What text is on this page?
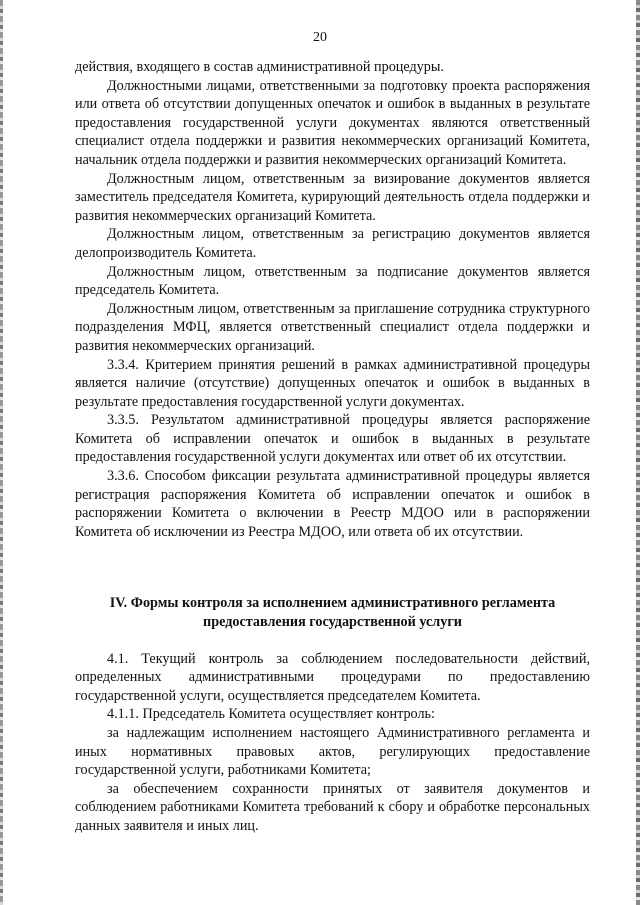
20

действия, входящего в состав административной процедуры.

Должностными лицами, ответственными за подготовку проекта распоряжения или ответа об отсутствии допущенных опечаток и ошибок в выданных в результате предоставления государственной услуги документах являются ответственный специалист отдела поддержки и развития некоммерческих организаций Комитета, начальник отдела поддержки и развития некоммерческих организаций Комитета.

Должностным лицом, ответственным за визирование документов является заместитель председателя Комитета, курирующий деятельность отдела поддержки и развития некоммерческих организаций Комитета.

Должностным лицом, ответственным за регистрацию документов является делопроизводитель Комитета.

Должностным лицом, ответственным за подписание документов является председатель Комитета.

Должностным лицом, ответственным за приглашение сотрудника структурного подразделения МФЦ, является ответственный специалист отдела поддержки и развития некоммерческих организаций.

3.3.4. Критерием принятия решений в рамках административной процедуры является наличие (отсутствие) допущенных опечаток и ошибок в выданных в результате предоставления государственной услуги документах.

3.3.5. Результатом административной процедуры является распоряжение Комитета об исправлении опечаток и ошибок в выданных в результате предоставления государственной услуги документах или ответ об их отсутствии.

3.3.6. Способом фиксации результата административной процедуры является регистрация распоряжения Комитета об исправлении опечаток и ошибок в распоряжении Комитета о включении в Реестр МДОО или в распоряжении Комитета об исключении из Реестра МДОО, или ответа об их отсутствии.

IV. Формы контроля за исполнением административного регламента
предоставления государственной услуги

4.1. Текущий контроль за соблюдением последовательности действий, определенных административными процедурами по предоставлению государственной услуги, осуществляется председателем Комитета.

4.1.1. Председатель Комитета осуществляет контроль:

за надлежащим исполнением настоящего Административного регламента и иных нормативных правовых актов, регулирующих предоставление государственной услуги, работниками Комитета;

за обеспечением сохранности принятых от заявителя документов и соблюдением работниками Комитета требований к сбору и обработке персональных данных заявителя и иных лиц.
